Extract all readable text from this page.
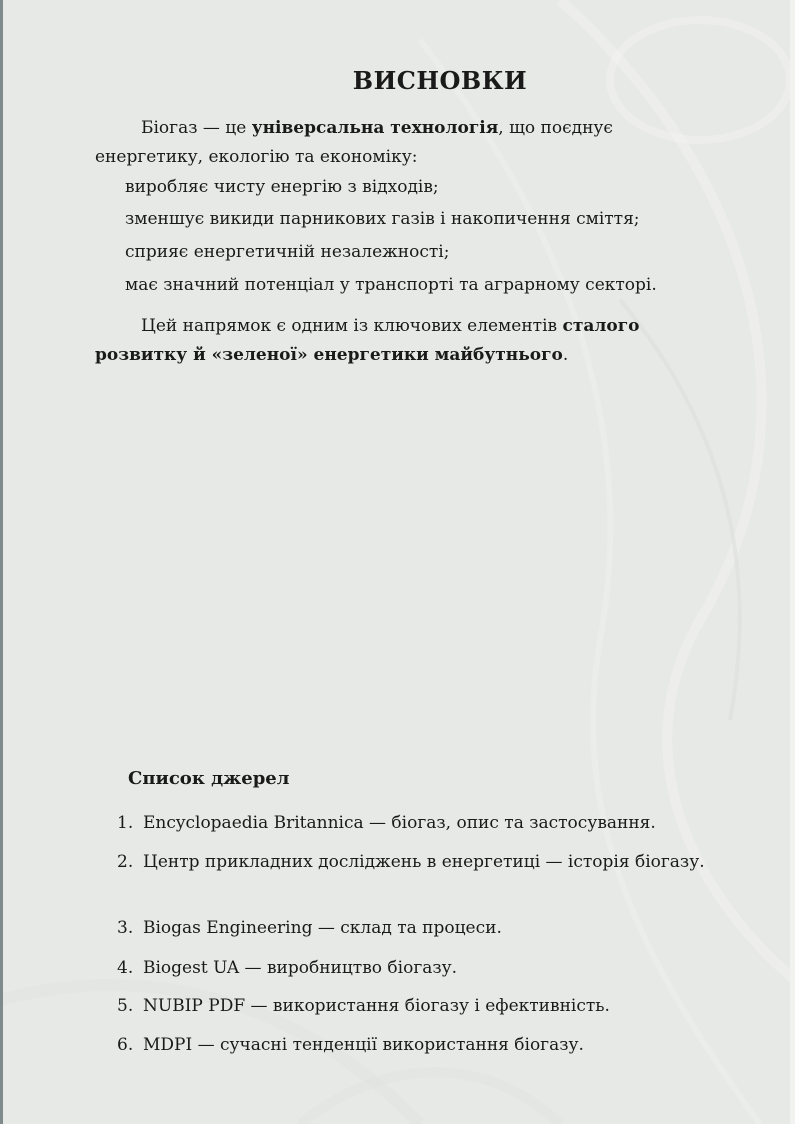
ВИСНОВКИ

Біогаз — це універсальна технологія, що поєднує енергетику, екологію та економіку:

виробляє чисту енергію з відходів;

зменшує викиди парникових газів і накопичення сміття;

сприяє енергетичній незалежності;

має значний потенціал у транспорті та аграрному секторі.

Цей напрямок є одним із ключових елементів сталого розвитку й «зеленої» енергетики майбутнього.

Список джерел
1. Encyclopaedia Britannica — біогаз, опис та застосування.
2. Центр прикладних досліджень в енергетиці — історія біогазу.
3. Biogas Engineering — склад та процеси.
4. Biogest UA — виробництво біогазу.
5. NUBIP PDF — використання біогазу і ефективність.
6. MDPI — сучасні тенденції використання біогазу.
